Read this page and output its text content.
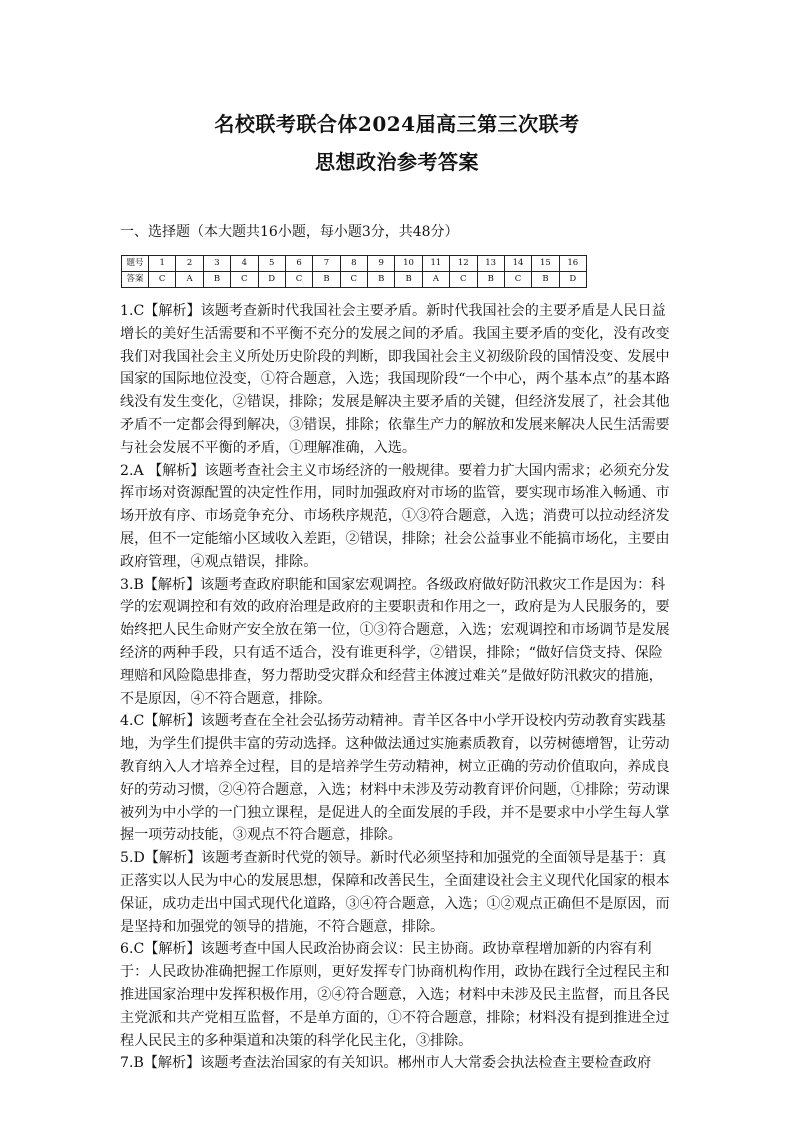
名校联考联合体2024届高三第三次联考
思想政治参考答案
一、选择题（本大题共16小题，每小题3分，共48分）
题号	1	2	3	4	5	6	7	8	9	10	11	12	13	14	15	16
答案	C	A	B	C	D	C	B	C	B	B	A	C	B	C	B	D

1.C【解析】该题考查新时代我国社会主要矛盾。新时代我国社会的主要矛盾是人民日益增长的美好生活需要和不平衡不充分的发展之间的矛盾。我国主要矛盾的变化，没有改变我们对我国社会主义所处历史阶段的判断，即我国社会主义初级阶段的国情没变、发展中国家的国际地位没变，①符合题意，入选；我国现阶段“一个中心，两个基本点”的基本路线没有发生变化，②错误，排除；发展是解决主要矛盾的关键，但经济发展了，社会其他矛盾不一定都会得到解决，③错误，排除；依靠生产力的解放和发展来解决人民生活需要与社会发展不平衡的矛盾，①理解准确，入选。

2.A 【解析】该题考查社会主义市场经济的一般规律。要着力扩大国内需求；必须充分发挥市场对资源配置的决定性作用，同时加强政府对市场的监管，要实现市场准入畅通、市场开放有序、市场竞争充分、市场秩序规范，①③符合题意，入选；消费可以拉动经济发展，但不一定能缩小区域收入差距，②错误，排除；社会公益事业不能搞市场化，主要由政府管理，④观点错误，排除。

3.B【解析】该题考查政府职能和国家宏观调控。各级政府做好防汛救灾工作是因为：科学的宏观调控和有效的政府治理是政府的主要职责和作用之一，政府是为人民服务的，要始终把人民生命财产安全放在第一位，①③符合题意，入选；宏观调控和市场调节是发展经济的两种手段，只有适不适合，没有谁更科学，②错误，排除；“做好信贷支持、保险理赔和风险隐患排查，努力帮助受灾群众和经营主体渡过难关”是做好防汛救灾的措施，不是原因，④不符合题意，排除。

4.C【解析】该题考查在全社会弘扬劳动精神。青羊区各中小学开设校内劳动教育实践基地，为学生们提供丰富的劳动选择。这种做法通过实施素质教育，以劳树德增智，让劳动教育纳入人才培养全过程，目的是培养学生劳动精神，树立正确的劳动价值取向，养成良好的劳动习惯，②④符合题意，入选；材料中未涉及劳动教育评价问题，①排除；劳动课被列为中小学的一门独立课程，是促进人的全面发展的手段，并不是要求中小学生每人掌握一项劳动技能，③观点不符合题意，排除。

5.D【解析】该题考查新时代党的领导。新时代必须坚持和加强党的全面领导是基于：真正落实以人民为中心的发展思想，保障和改善民生，全面建设社会主义现代化国家的根本保证，成功走出中国式现代化道路，③④符合题意，入选；①②观点正确但不是原因，而是坚持和加强党的领导的措施，不符合题意，排除。

6.C【解析】该题考查中国人民政治协商会议：民主协商。政协章程增加新的内容有利于：人民政协准确把握工作原则，更好发挥专门协商机构作用，政协在践行全过程民主和推进国家治理中发挥积极作用，②④符合题意，入选；材料中未涉及民主监督，而且各民主党派和共产党相互监督，不是单方面的，①不符合题意，排除；材料没有提到推进全过程人民民主的多种渠道和决策的科学化民主化，③排除。

7.B【解析】该题考查法治国家的有关知识。郴州市人大常委会执法检查主要检查政府
